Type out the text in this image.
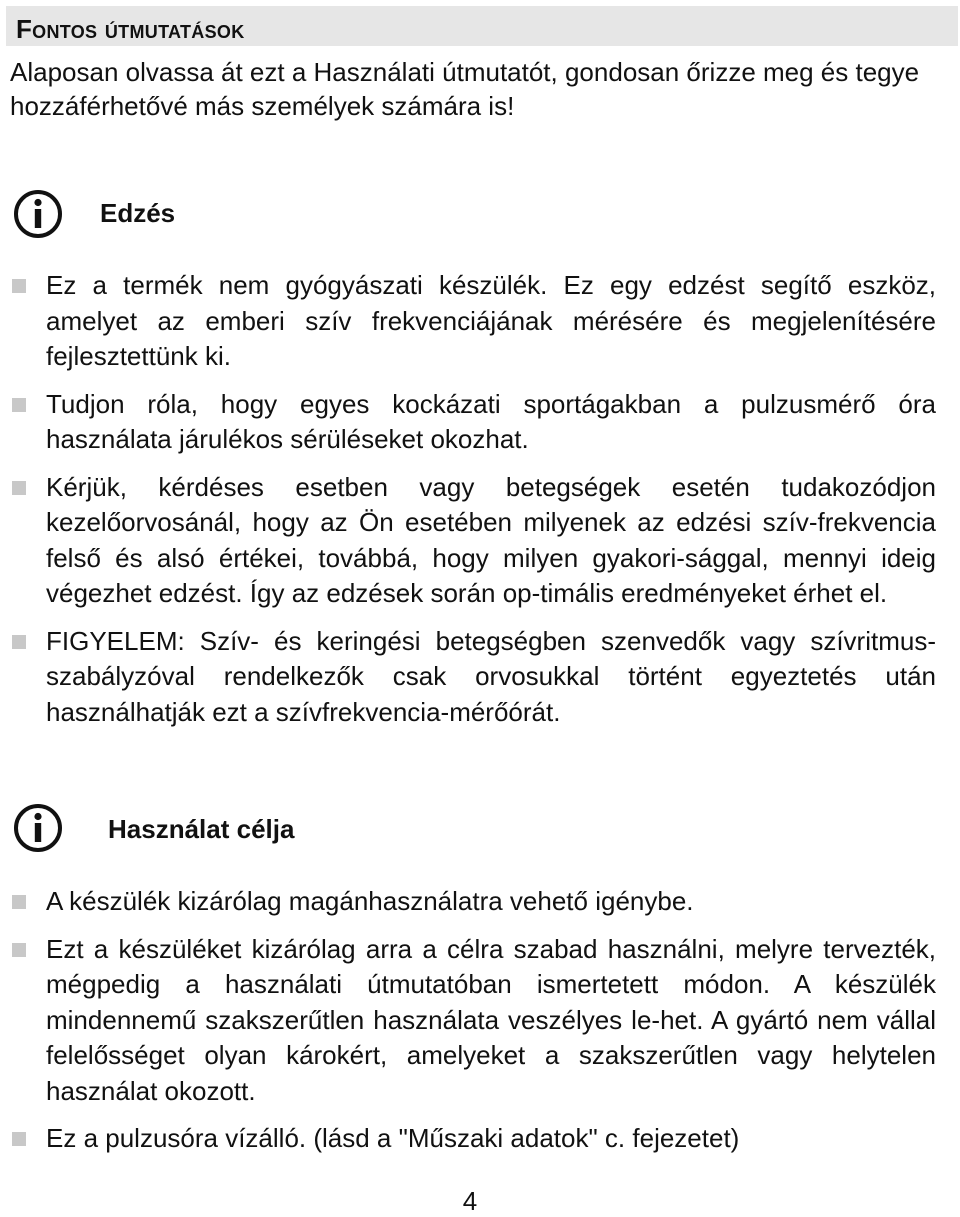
Fontos útmutatások

Alaposan olvassa át ezt a Használati útmutatót, gondosan őrizze meg és tegye hozzáférhetővé más személyek számára is!

Edzés
Ez a termék nem gyógyászati készülék. Ez egy edzést segítő eszköz, amelyet az emberi szív frekvenciájának mérésére és megjelenítésére fejlesztettünk ki.
Tudjon róla, hogy egyes kockázati sportágakban a pulzusmérő óra használata járulékos sérüléseket okozhat.
Kérjük, kérdéses esetben vagy betegségek esetén tudakozódjon kezelőorvosánál, hogy az Ön esetében milyenek az edzési szív-frekvencia felső és alsó értékei, továbbá, hogy milyen gyakori-sággal, mennyi ideig végezhet edzést. Így az edzések során op-timális eredményeket érhet el.
FIGYELEM: Szív- és keringési betegségben szenvedők vagy szívritmus-szabályzóval rendelkezők csak orvosukkal történt egyeztetés után használhatják ezt a szívfrekvencia-mérőórát.
Használat célja
A készülék kizárólag magánhasználatra vehető igénybe.
Ezt a készüléket kizárólag arra a célra szabad használni, melyre tervezték, mégpedig a használati útmutatóban ismertetett módon. A készülék mindennemű szakszerűtlen használata veszélyes le-het. A gyártó nem vállal felelősséget olyan károkért, amelyeket a szakszerűtlen vagy helytelen használat okozott.
Ez a pulzusóra vízálló. (lásd a "Műszaki adatok" c. fejezetet)
4
